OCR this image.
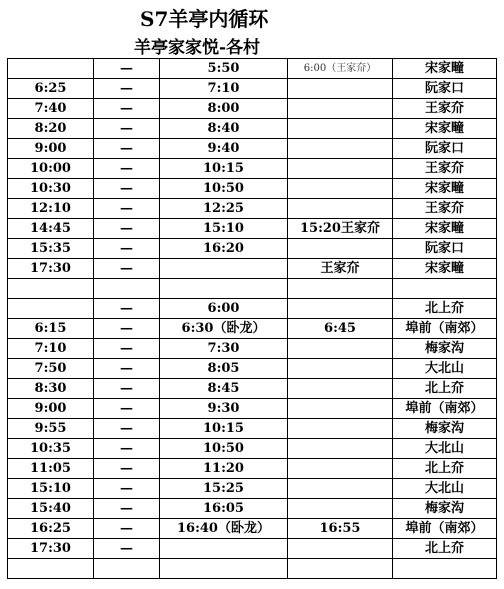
S7羊亭内循环
羊亭家家悦-各村
	—	5:50	6:00（王家夼）	宋家疃
6:25	—	7:10		阮家口
7:40	—	8:00		王家夼
8:20	—	8:40		宋家疃
9:00	—	9:40		阮家口
10:00	—	10:15		王家夼
10:30	—	10:50		宋家疃
12:10	—	12:25		王家夼
14:45	—	15:10	15:20王家夼	宋家疃
15:35	—	16:20		阮家口
17:30	—		王家夼	宋家疃

	—	6:00		北上夼
6:15	—	6:30（卧龙）	6:45	埠前（南郊）
7:10	—	7:30		梅家沟
7:50	—	8:05		大北山
8:30	—	8:45		北上夼
9:00	—	9:30		埠前（南郊）
9:55	—	10:15		梅家沟
10:35	—	10:50		大北山
11:05	—	11:20		北上夼
15:10	—	15:25		大北山
15:40	—	16:05		梅家沟
16:25	—	16:40（卧龙）	16:55	埠前（南郊）
17:30	—			北上夼
